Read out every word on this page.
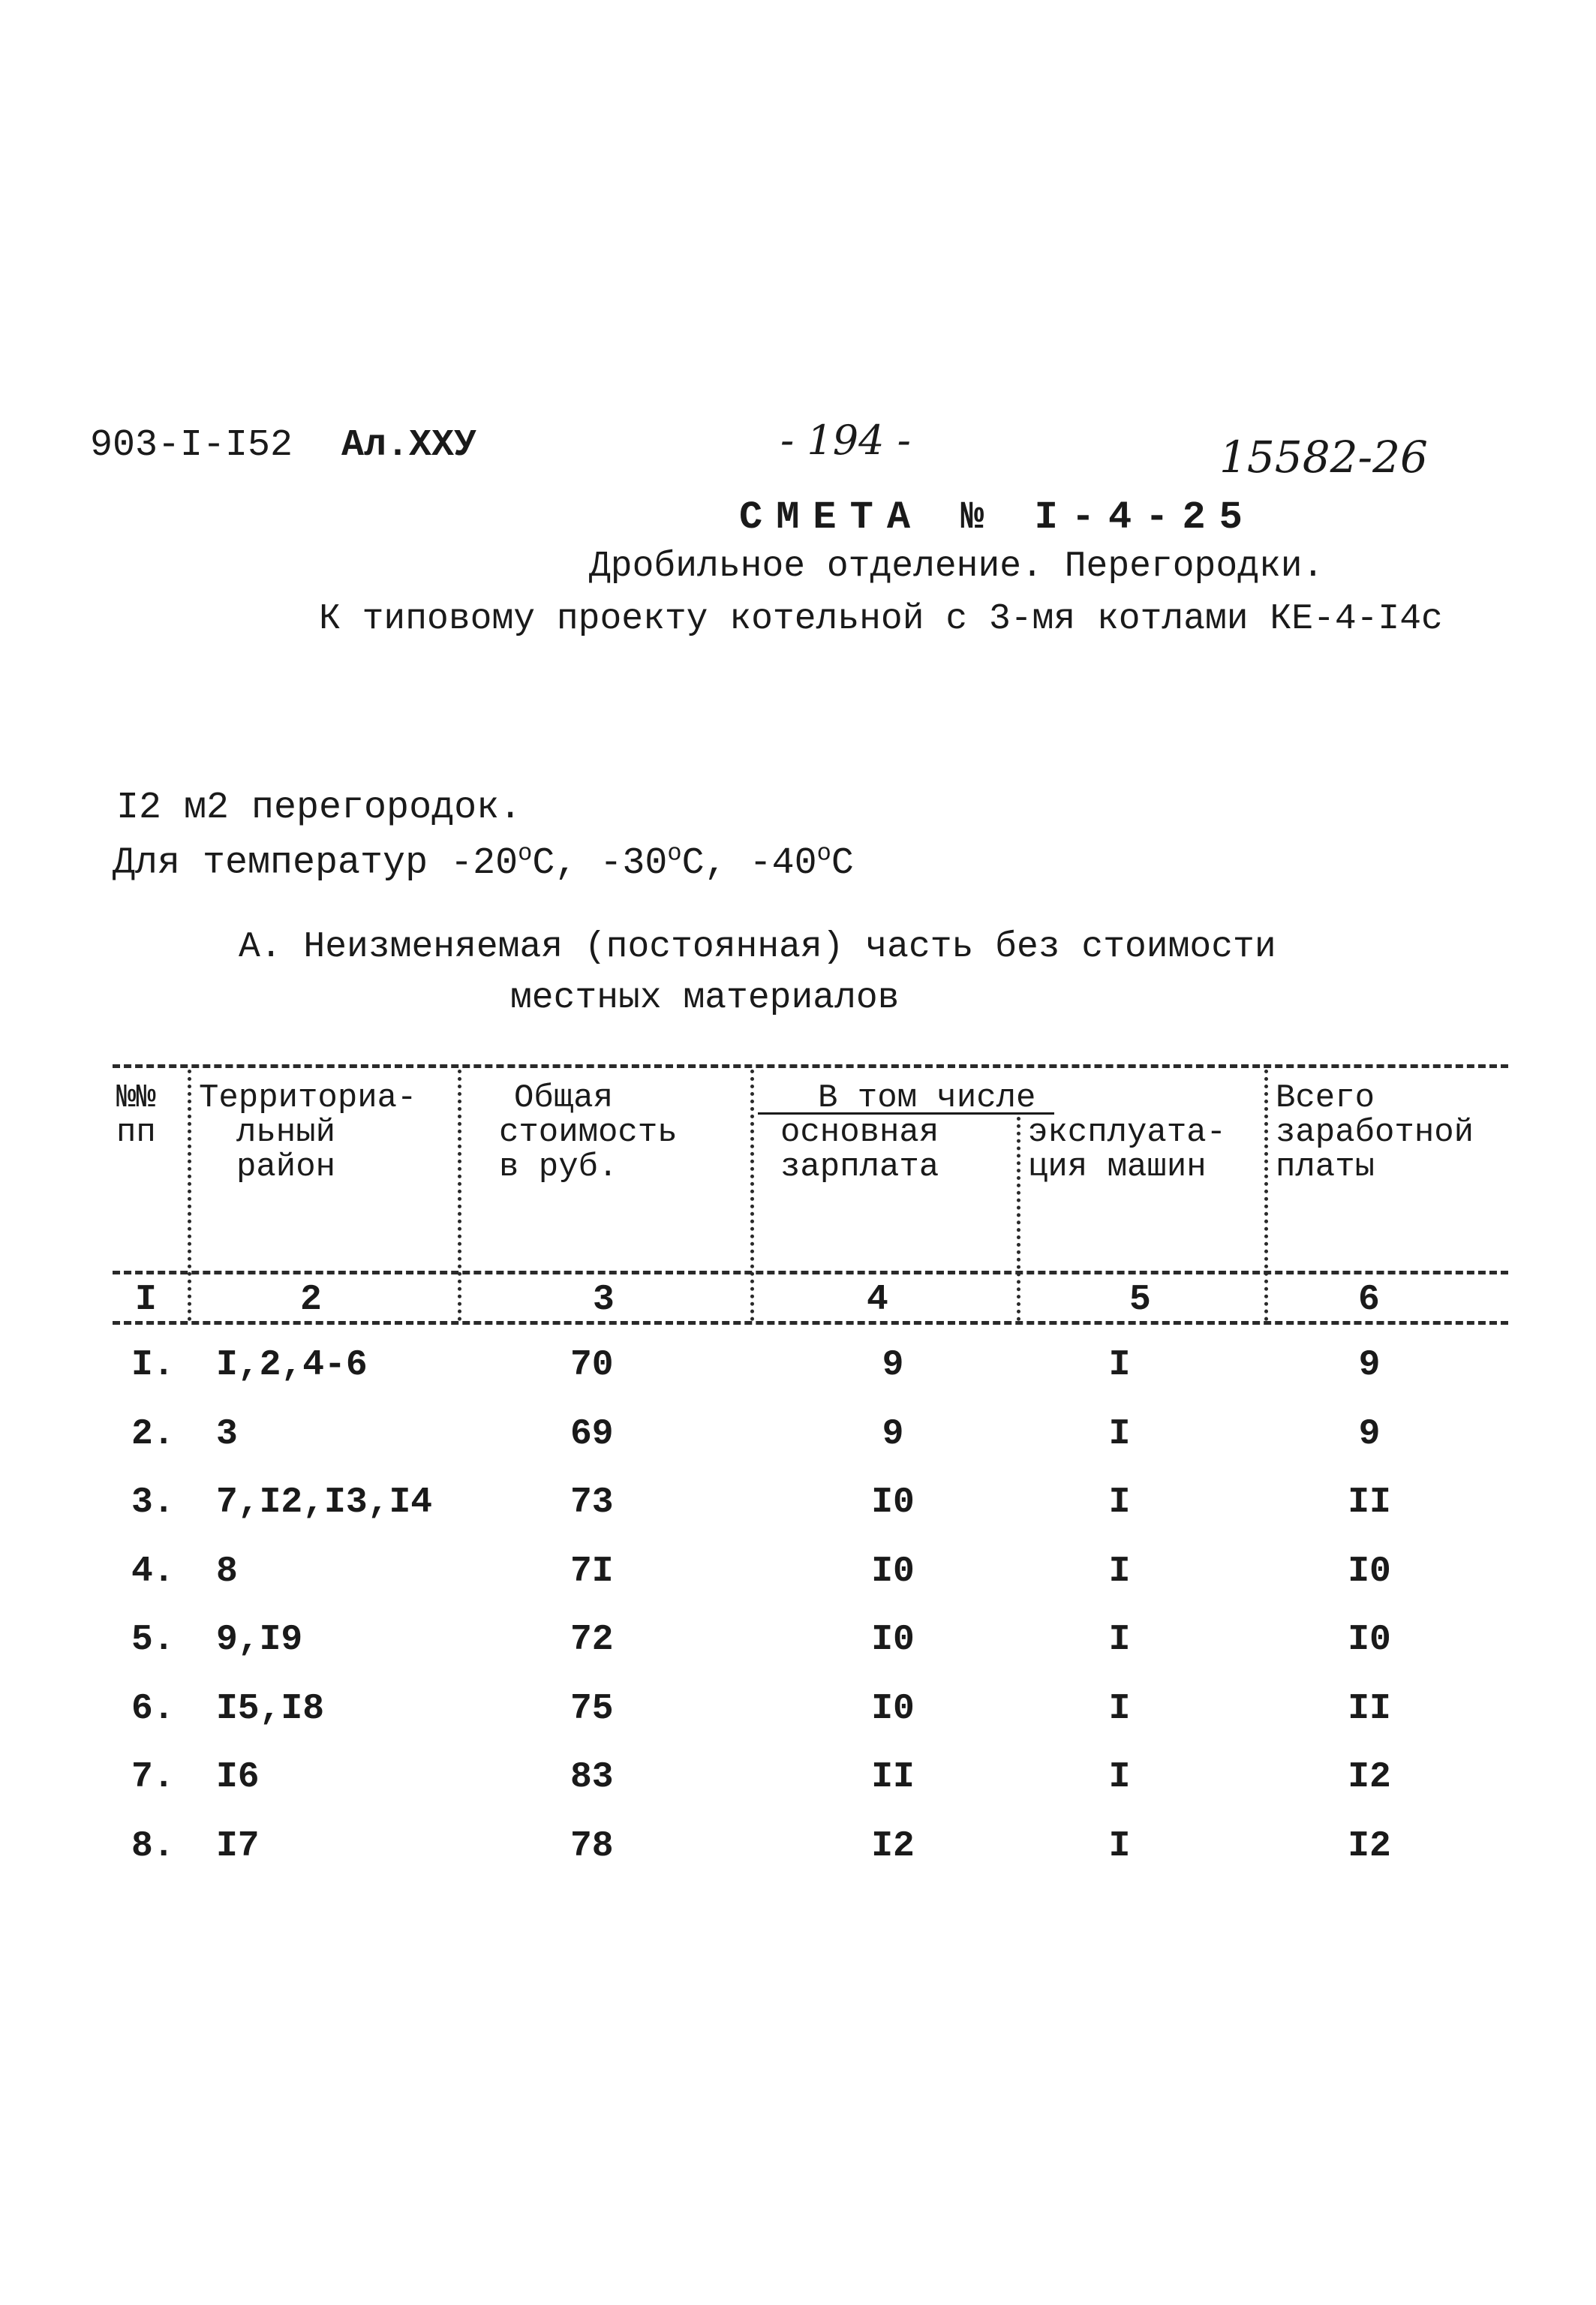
903-I-I52 Ал.XXУ	- 194 -	15582-26
СМЕТА № I-4-25
Дробильное отделение. Перегородки.
К типовому проекту котельной с 3-мя котлами КЕ-4-I4с
I2 м2 перегородок.
Для температур -20$^o$C, -30$^o$C, -40$^o$C
А. Неизменяемая (постоянная) часть без стоимости
местных материалов
№№
пп
Территориа-
льный
район
Общая
стоимость
в руб.
В том числе
основная
зарплата
эксплуата-
ция машин
Всего
заработной
платы
I	2	3	4	5	6
I. I,2,4-6	70	9	I	9
2. 3	69	9	I	9
3. 7,I2,I3,I4	73	I0	I	II
4. 8	7I	I0	I	I0
5. 9,I9	72	I0	I	I0
6. I5,I8	75	I0	I	II
7. I6	83	II	I	I2
8. I7	78	I2	I	I2
